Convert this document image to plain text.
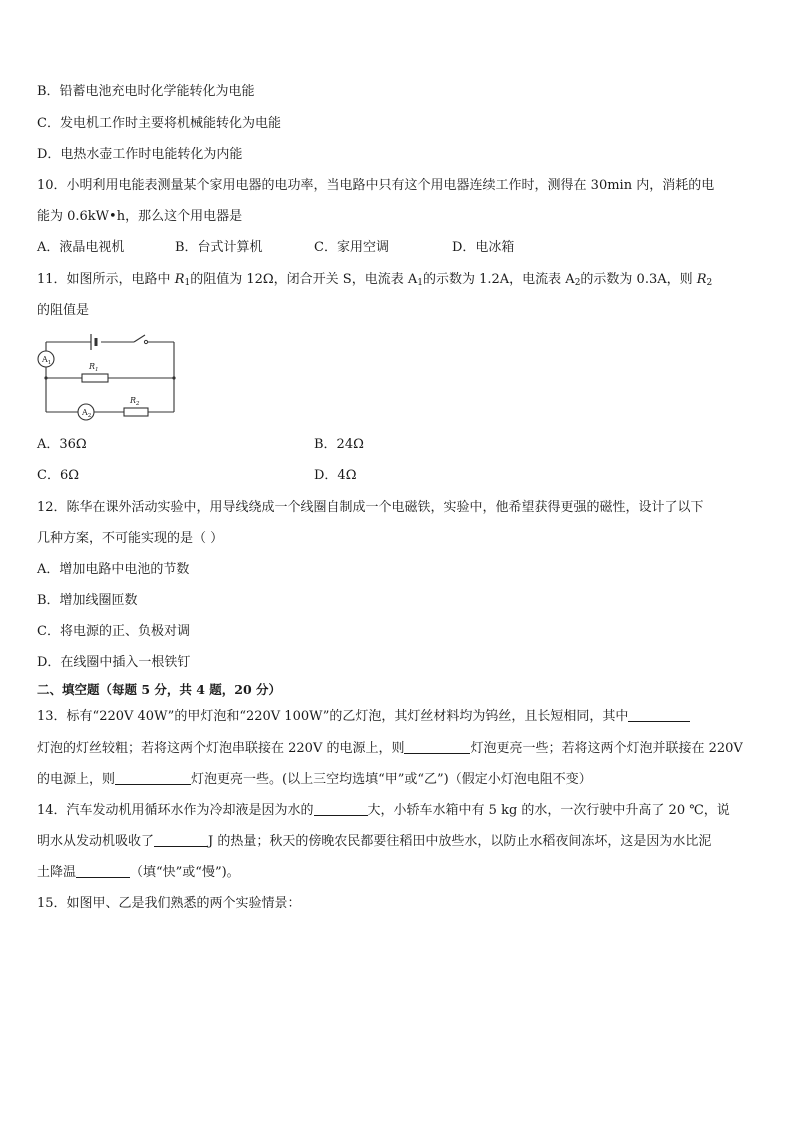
B．铅蓄电池充电时化学能转化为电能
C．发电机工作时主要将机械能转化为电能
D．电热水壶工作时电能转化为内能
10．小明利用电能表测量某个家用电器的电功率，当电路中只有这个用电器连续工作时，测得在 30min 内，消耗的电
能为 0.6kW•h，那么这个用电器是
A．液晶电视机	B．台式计算机	C．家用空调	D．电冰箱
11．如图所示，电路中 $R_1$的阻值为 12Ω，闭合开关 S，电流表 $A_1$的示数为 1.2A，电流表 $A_2$的示数为 0.3A，则 $R_2$
的阻值是
$A_1$
$A_2$
$R_1$
$R_2$
A．36Ω	B．24Ω
C．6Ω	D．4Ω
12．陈华在课外活动实验中，用导线绕成一个线圈自制成一个电磁铁，实验中，他希望获得更强的磁性，设计了以下
几种方案，不可能实现的是（ ）
A．增加电路中电池的节数
B．增加线圈匝数
C．将电源的正、负极对调
D．在线圈中插入一根铁钉
二、填空题（每题 5 分，共 4 题，20 分）
13．标有“220V 40W”的甲灯泡和“220V 100W”的乙灯泡，其灯丝材料均为钨丝，且长短相同，其中
灯泡的灯丝较粗；若将这两个灯泡串联接在 220V 的电源上，则	灯泡更亮一些；若将这两个灯泡并联接在 220V
的电源上，则	灯泡更亮一些。(以上三空均选填“甲”或“乙”)（假定小灯泡电阻不变）
14．汽车发动机用循环水作为冷却液是因为水的	大，小轿车水箱中有 5 kg 的水，一次行驶中升高了 20 ℃，说
明水从发动机吸收了	J 的热量；秋天的傍晚农民都要往稻田中放些水，以防止水稻夜间冻坏，这是因为水比泥
土降温	（填“快”或“慢”)。
15．如图甲、乙是我们熟悉的两个实验情景：
